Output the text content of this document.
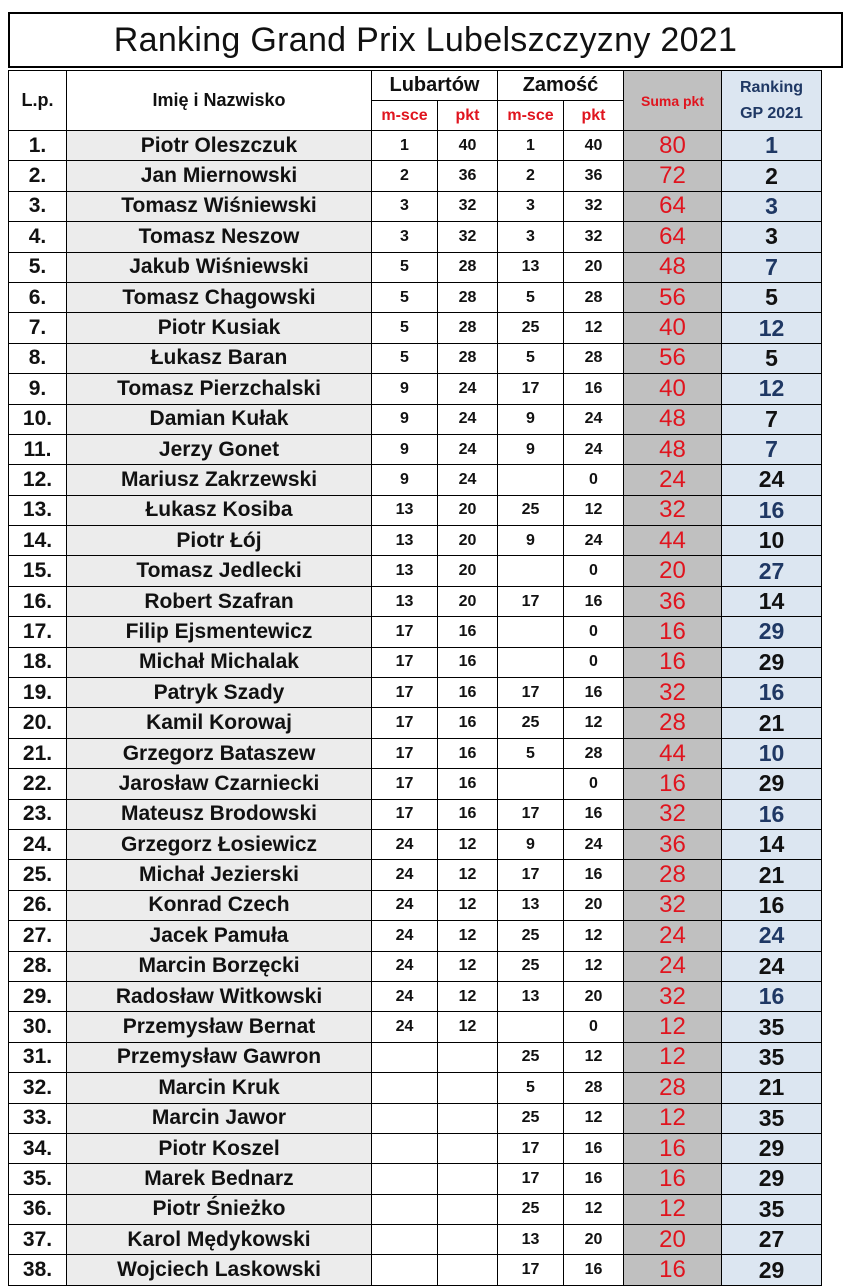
Ranking Grand Prix Lubelszczyzny 2021
L.p.	Imię i Nazwisko	Lubartów		Zamość		Suma pkt	Ranking
GP 2021

		m-sce	pkt	m-sce	pkt		
1.	Piotr Oleszczuk	1	40	1	40	80	1
2.	Jan Miernowski	2	36	2	36	72	2
3.	Tomasz Wiśniewski	3	32	3	32	64	3
4.	Tomasz Neszow	3	32	3	32	64	3
5.	Jakub Wiśniewski	5	28	13	20	48	7
6.	Tomasz Chagowski	5	28	5	28	56	5
7.	Piotr Kusiak	5	28	25	12	40	12
8.	Łukasz Baran	5	28	5	28	56	5
9.	Tomasz Pierzchalski	9	24	17	16	40	12
10.	Damian Kułak	9	24	9	24	48	7
11.	Jerzy Gonet	9	24	9	24	48	7
12.	Mariusz Zakrzewski	9	24		0	24	24
13.	Łukasz Kosiba	13	20	25	12	32	16
14.	Piotr Łój	13	20	9	24	44	10
15.	Tomasz Jedlecki	13	20		0	20	27
16.	Robert Szafran	13	20	17	16	36	14
17.	Filip Ejsmentewicz	17	16		0	16	29
18.	Michał Michalak	17	16		0	16	29
19.	Patryk Szady	17	16	17	16	32	16
20.	Kamil Korowaj	17	16	25	12	28	21
21.	Grzegorz Bataszew	17	16	5	28	44	10
22.	Jarosław Czarniecki	17	16		0	16	29
23.	Mateusz Brodowski	17	16	17	16	32	16
24.	Grzegorz Łosiewicz	24	12	9	24	36	14
25.	Michał Jezierski	24	12	17	16	28	21
26.	Konrad Czech	24	12	13	20	32	16
27.	Jacek Pamuła	24	12	25	12	24	24
28.	Marcin Borzęcki	24	12	25	12	24	24
29.	Radosław Witkowski	24	12	13	20	32	16
30.	Przemysław Bernat	24	12		0	12	35
31.	Przemysław Gawron			25	12	12	35
32.	Marcin Kruk			5	28	28	21
33.	Marcin Jawor			25	12	12	35
34.	Piotr Koszel			17	16	16	29
35.	Marek Bednarz			17	16	16	29
36.	Piotr Śnieżko			25	12	12	35
37.	Karol Mędykowski			13	20	20	27
38.	Wojciech Laskowski			17	16	16	29
